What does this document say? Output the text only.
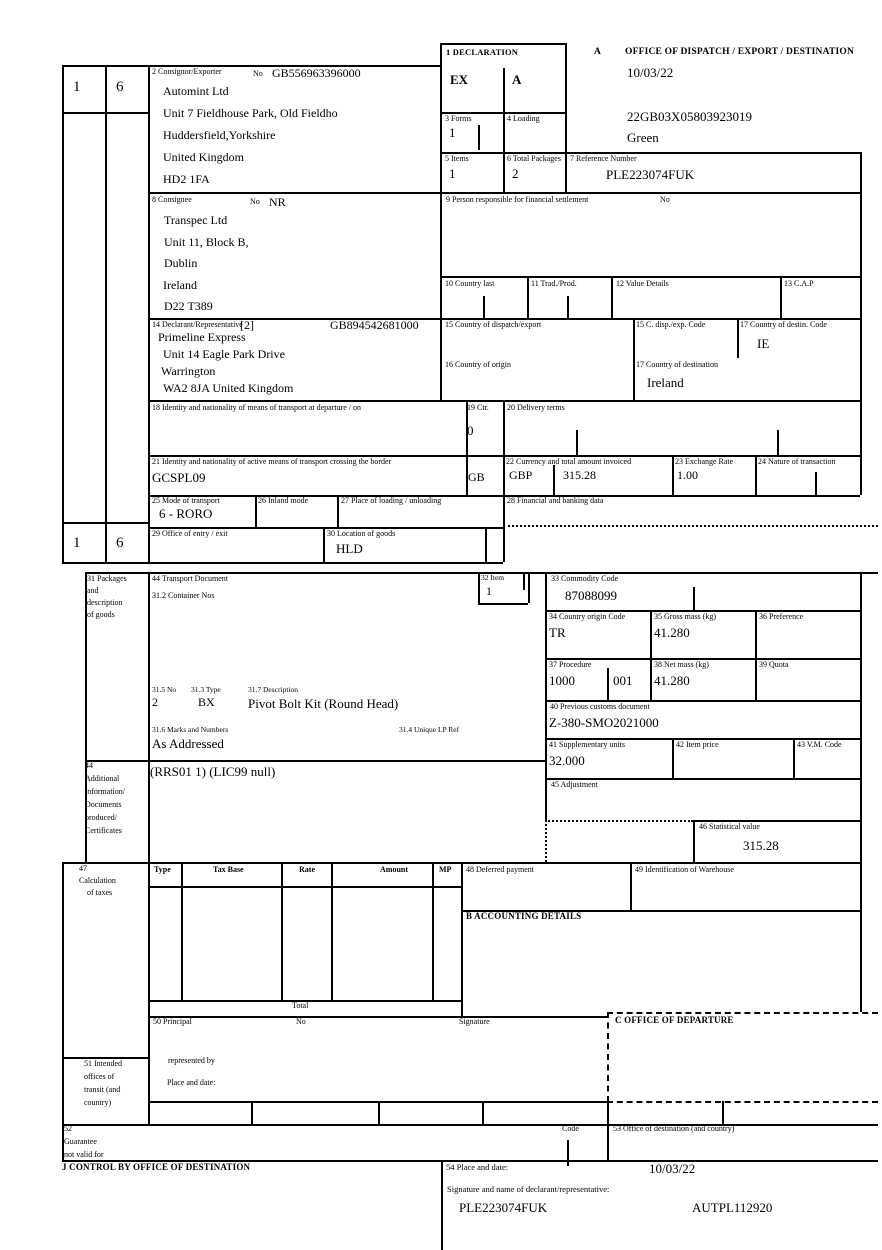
1 6
1 6
1 DECLARATION
EX	A
A	OFFICE OF DISPATCH / EXPORT / DESTINATION
10/03/22
22GB03X05803923019
Green
2 Consignor/Exporter	No GB556963396000
Automint Ltd
Unit 7 Fieldhouse Park, Old Fieldho
Huddersfield,Yorkshire
United Kingdom
HD2 1FA
3 Forms
1
4 Loading
5 Items
1
6 Total Packages
2
7 Reference Number
PLE223074FUK
8 Consignee	No NR
Transpec Ltd
Unit 11, Block B,
Dublin
Ireland
D22 T389
9 Person responsible for financial settlement	No
10 Country last	11 Trad./Prod.	12 Value Details	13 C.A.P
14 Declarant/Representative
[2]	GB894542681000
Primeline Express
Unit 14 Eagle Park Drive
Warrington
WA2 8JA United Kingdom
15 Country of dispatch/export	15 C. disp./exp. Code	17 Country of destin. Code
IE
16 Country of origin	17 Country of destination
Ireland
18 Identity and nationality of means of transport at departure / on	19 Ctr.
0
20 Delivery terms
21 Identity and nationality of active means of transport crossing the border
GCSPL09	GB
22 Currency and total amount invoiced
GBP	315.28
23 Exchange Rate
1.00
24 Nature of transaction
25 Mode of transport
6 - RORO
26 Inland mode	27 Place of loading / unloading	28 Financial and banking data
29 Office of entry / exit	30 Location of goods
HLD
31 Packages
and
description
of goods
44 Transport Document
31.2 Container Nos
32 Item
1
33 Commodity Code
87088099
34 Country origin Code
TR
35 Gross mass (kg)
41.280
36 Preference
37 Procedure
1000	001
38 Net mass (kg)
41.280
39 Quota
40 Previous customs document
Z-380-SMO2021000
41 Supplementary units
32.000
42 Item price	43 V.M. Code
45 Adjustment
46 Statistical value
315.28
31.5 No
2
31.3 Type
BX
31.7 Description
Pivot Bolt Kit (Round Head)
31.6 Marks and Numbers
As Addressed
31.4 Unique LP Ref
44
Additional
information/
Documents
produced/
Certificates
(RRS01 1) (LIC99 null)
47
Calculation
of taxes
Type	Tax Base	Rate	Amount	MP
Total
48 Deferred payment	49 Identification of Warehouse
B ACCOUNTING DETAILS
50 Principal	No	Signature
represented by
Place and date:
51 Intended
offices of
transit (and
country)
C OFFICE OF DEPARTURE
52
Guarantee
not valid for
Code	53 Office of destination (and country)
J CONTROL BY OFFICE OF DESTINATION	54 Place and date:	10/03/22
Signature and name of declarant/representative:
PLE223074FUK	AUTPL112920
